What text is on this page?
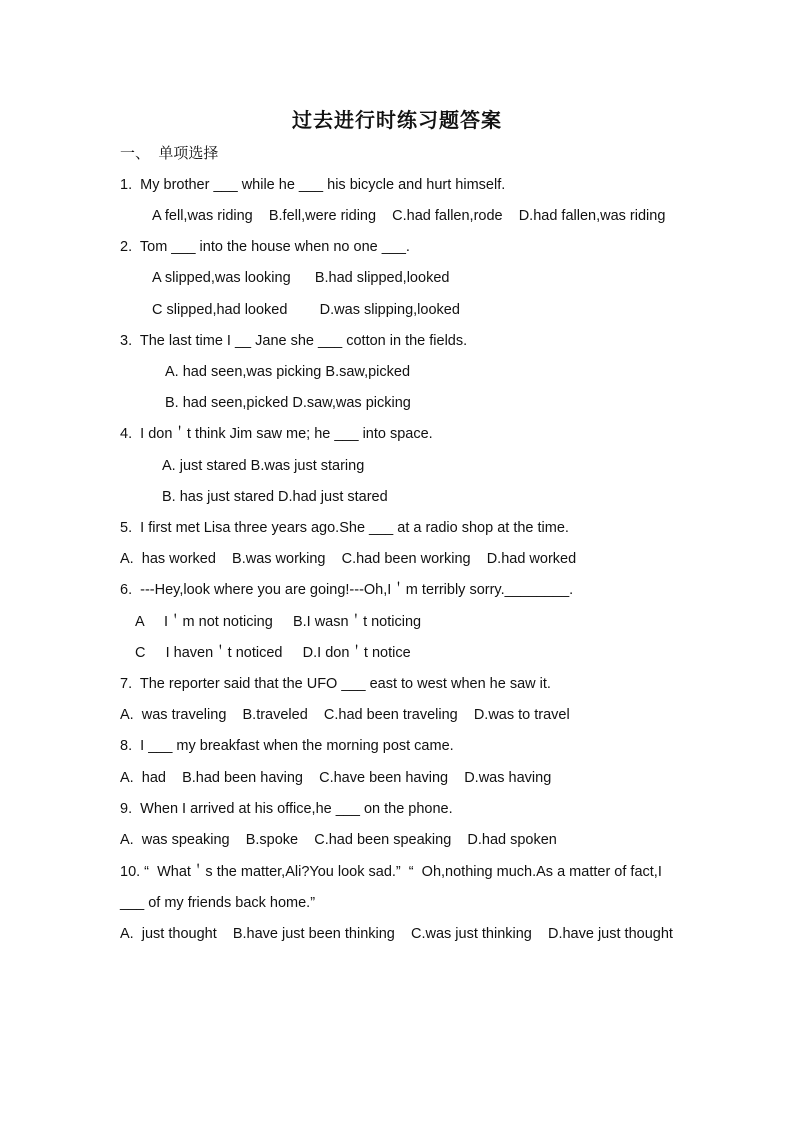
过去进行时练习题答案
一、  单项选择
1.  My brother ___ while he ___ his bicycle and hurt himself.
A fell,was riding    B.fell,were riding    C.had fallen,rode    D.had fallen,was riding
2.  Tom ___ into the house when no one ___.
A slipped,was looking      B.had slipped,looked
C slipped,had looked        D.was slipping,looked
3.  The last time I __ Jane she ___ cotton in the fields.
A. had seen,was picking B.saw,picked
B. had seen,picked D.saw,was picking
4.  I don＇t think Jim saw me; he ___ into space.
A. just stared B.was just staring
B. has just stared D.had just stared
5.  I first met Lisa three years ago.She ___ at a radio shop at the time.
A.  has worked    B.was working    C.had been working    D.had worked
6.  ---Hey,look where you are going!---Oh,I＇m terribly sorry.________.
A     I＇m not noticing     B.I wasn＇t noticing
C     I haven＇t noticed     D.I don＇t notice
7.  The reporter said that the UFO ___ east to west when he saw it.
A.  was traveling    B.traveled    C.had been traveling    D.was to travel
8.  I ___ my breakfast when the morning post came.
A.  had    B.had been having    C.have been having    D.was having
9.  When I arrived at his office,he ___ on the phone.
A.  was speaking    B.spoke    C.had been speaking    D.had spoken
10. “  What＇s the matter,Ali?You look sad.”  “  Oh,nothing much.As a matter of fact,I
___ of my friends back home.”
A.  just thought    B.have just been thinking    C.was just thinking    D.have just thought
